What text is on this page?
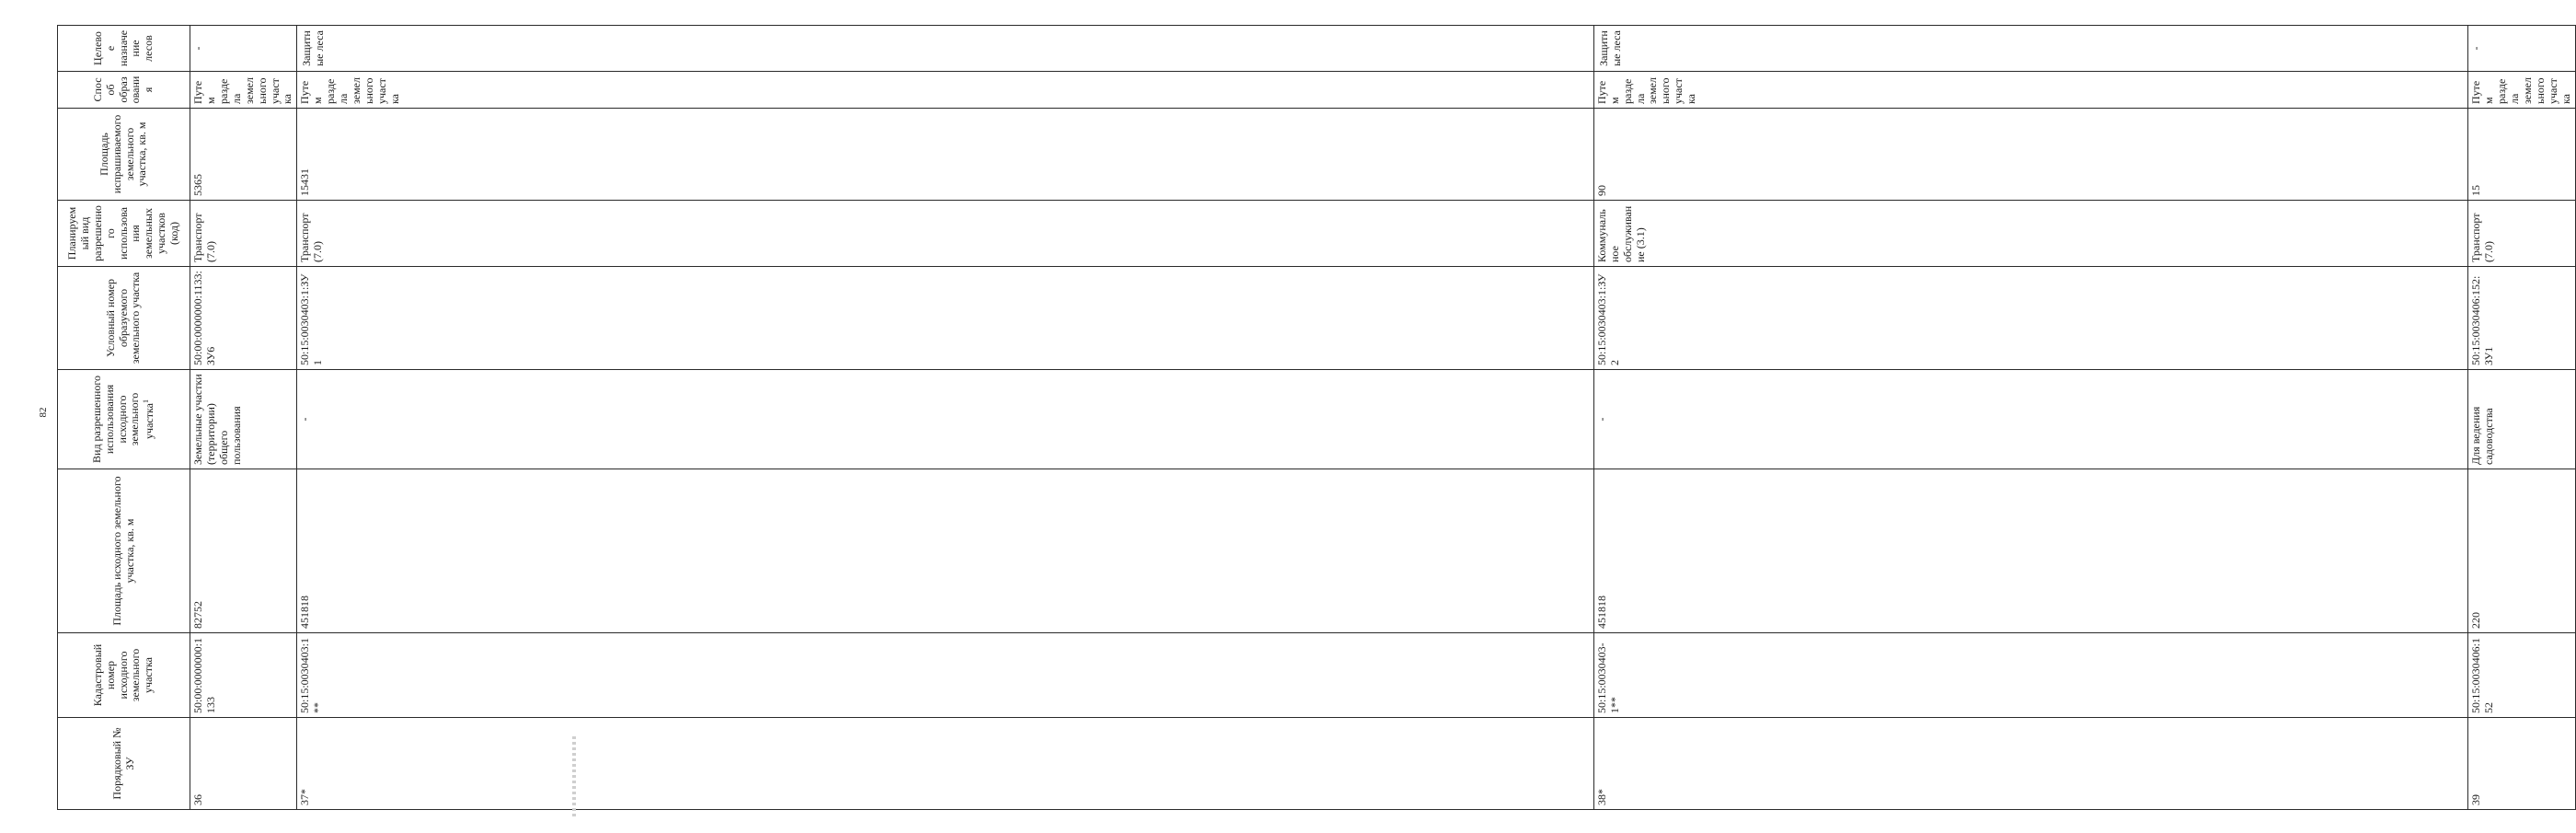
82
Порядковый № ЗУ	Кадастровый номер исходного земельного участка	Площадь исходного земельного участка, кв. м	Вид разрешенного использования исходного земельного участка$^1$	Условный номер образуемого земельного участка	Планируемый вид разрешенного использования земельных участков (код)	Площадь испрашиваемого земельного участка, кв. м	Способ образования	Целевое назначение лесов	
36	50:00:0000000:1133	82752	Земельные участки (территории) общего пользования	50:00:0000000:1133:ЗУ6	Транспорт (7.0)	5365	Путем раздела земельного участка	-	
37*	50:15:0030403:1**	451818	-	50:15:0030403:1:ЗУ1	Транспорт (7.0)	15431	Путем раздела земельного участка	Защитные леса	
38*	50:15:0030403-1**	451818	-	50:15:0030403:1:ЗУ2	Коммунальное обслуживание (3.1)	90	Путем раздела земельного участка	Защитные леса	
39	50:15:0030406:152	220	Для ведения садоводства	50:15:0030406:152:ЗУ1	Транспорт (7.0)	15	Путем раздела земельного участка	-	
